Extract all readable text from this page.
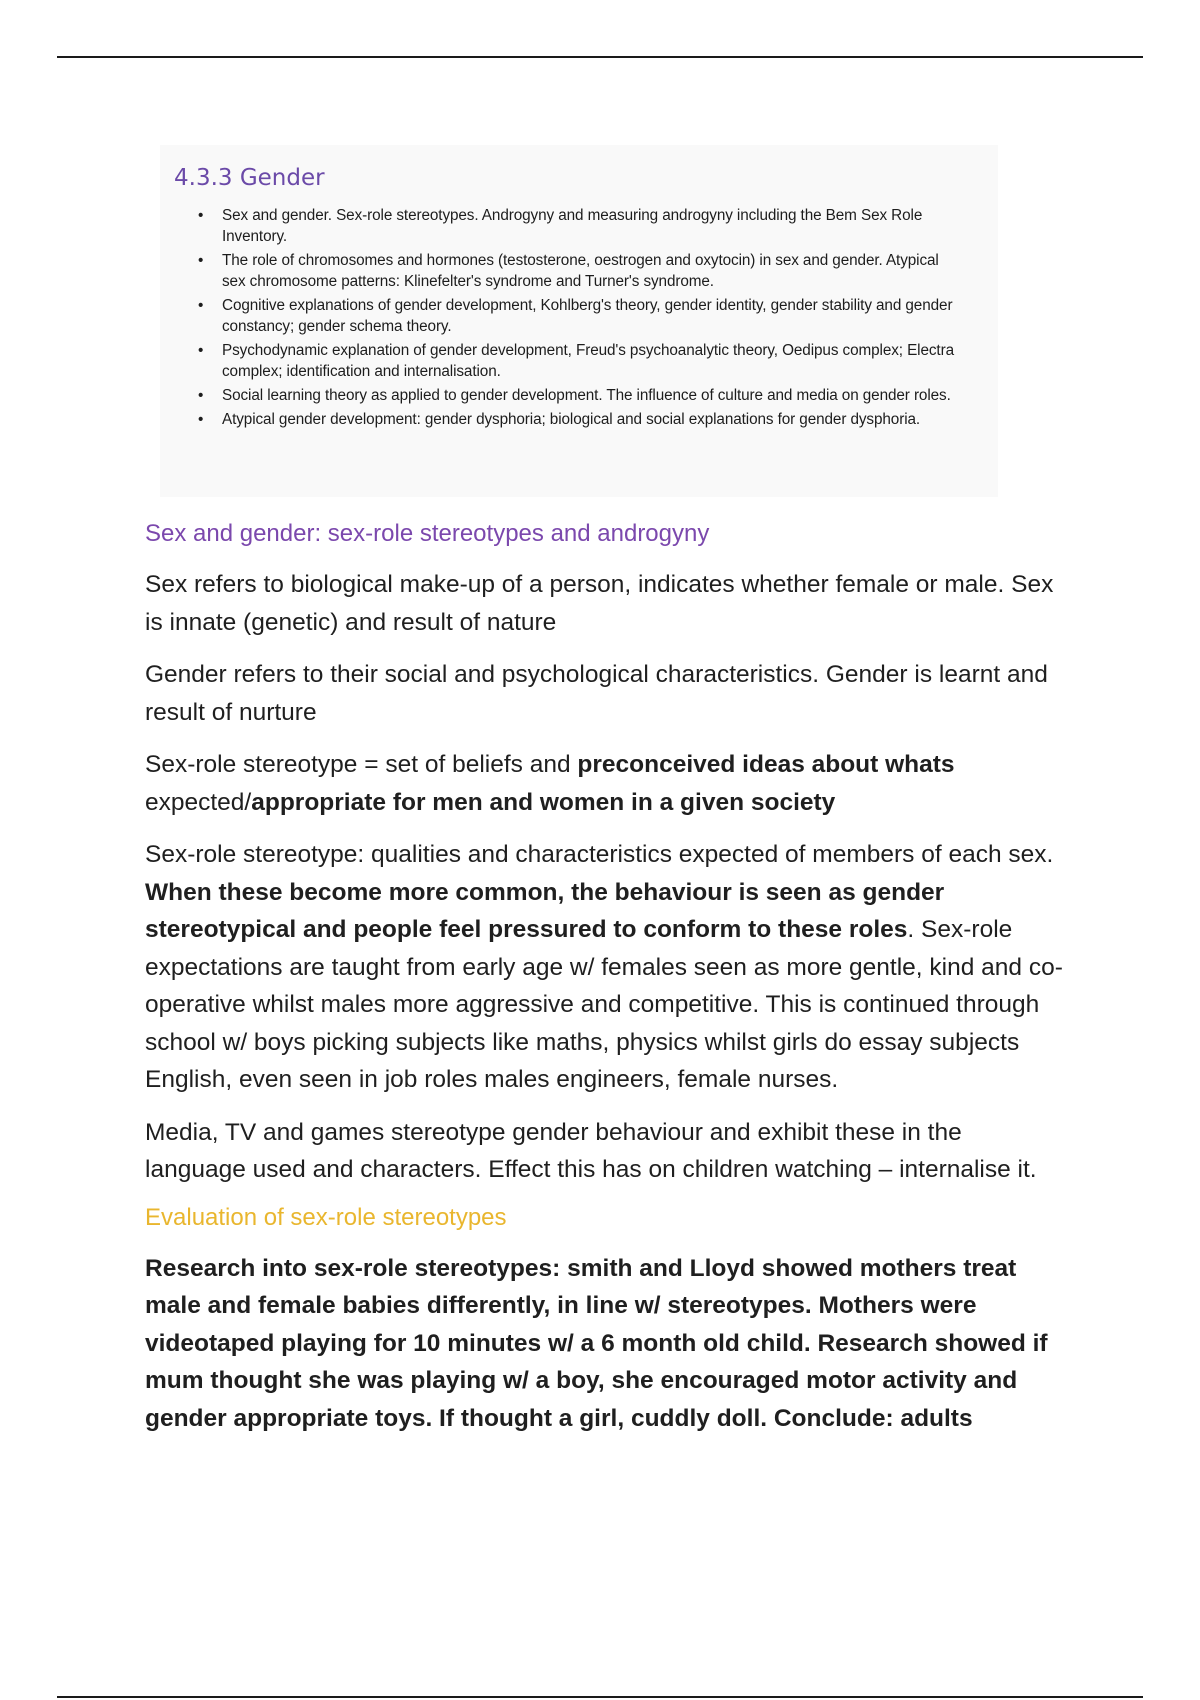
4.3.3 Gender
• Sex and gender. Sex-role stereotypes. Androgyny and measuring androgyny including the Bem Sex Role Inventory.
• The role of chromosomes and hormones (testosterone, oestrogen and oxytocin) in sex and gender. Atypical sex chromosome patterns: Klinefelter's syndrome and Turner's syndrome.
• Cognitive explanations of gender development, Kohlberg's theory, gender identity, gender stability and gender constancy; gender schema theory.
• Psychodynamic explanation of gender development, Freud's psychoanalytic theory, Oedipus complex; Electra complex; identification and internalisation.
• Social learning theory as applied to gender development. The influence of culture and media on gender roles.
• Atypical gender development: gender dysphoria; biological and social explanations for gender dysphoria.
Sex and gender: sex-role stereotypes and androgyny

Sex refers to biological make-up of a person, indicates whether female or male. Sex is innate (genetic) and result of nature

Gender refers to their social and psychological characteristics. Gender is learnt and result of nurture

Sex-role stereotype = set of beliefs and preconceived ideas about whats expected/appropriate for men and women in a given society

Sex-role stereotype: qualities and characteristics expected of members of each sex. When these become more common, the behaviour is seen as gender stereotypical and people feel pressured to conform to these roles. Sex-role expectations are taught from early age w/ females seen as more gentle, kind and co-operative whilst males more aggressive and competitive. This is continued through school w/ boys picking subjects like maths, physics whilst girls do essay subjects English, even seen in job roles males engineers, female nurses.

Media, TV and games stereotype gender behaviour and exhibit these in the language used and characters. Effect this has on children watching – internalise it.

Evaluation of sex-role stereotypes

Research into sex-role stereotypes: smith and Lloyd showed mothers treat male and female babies differently, in line w/ stereotypes. Mothers were videotaped playing for 10 minutes w/ a 6 month old child. Research showed if mum thought she was playing w/ a boy, she encouraged motor activity and gender appropriate toys. If thought a girl, cuddly doll. Conclude: adults
